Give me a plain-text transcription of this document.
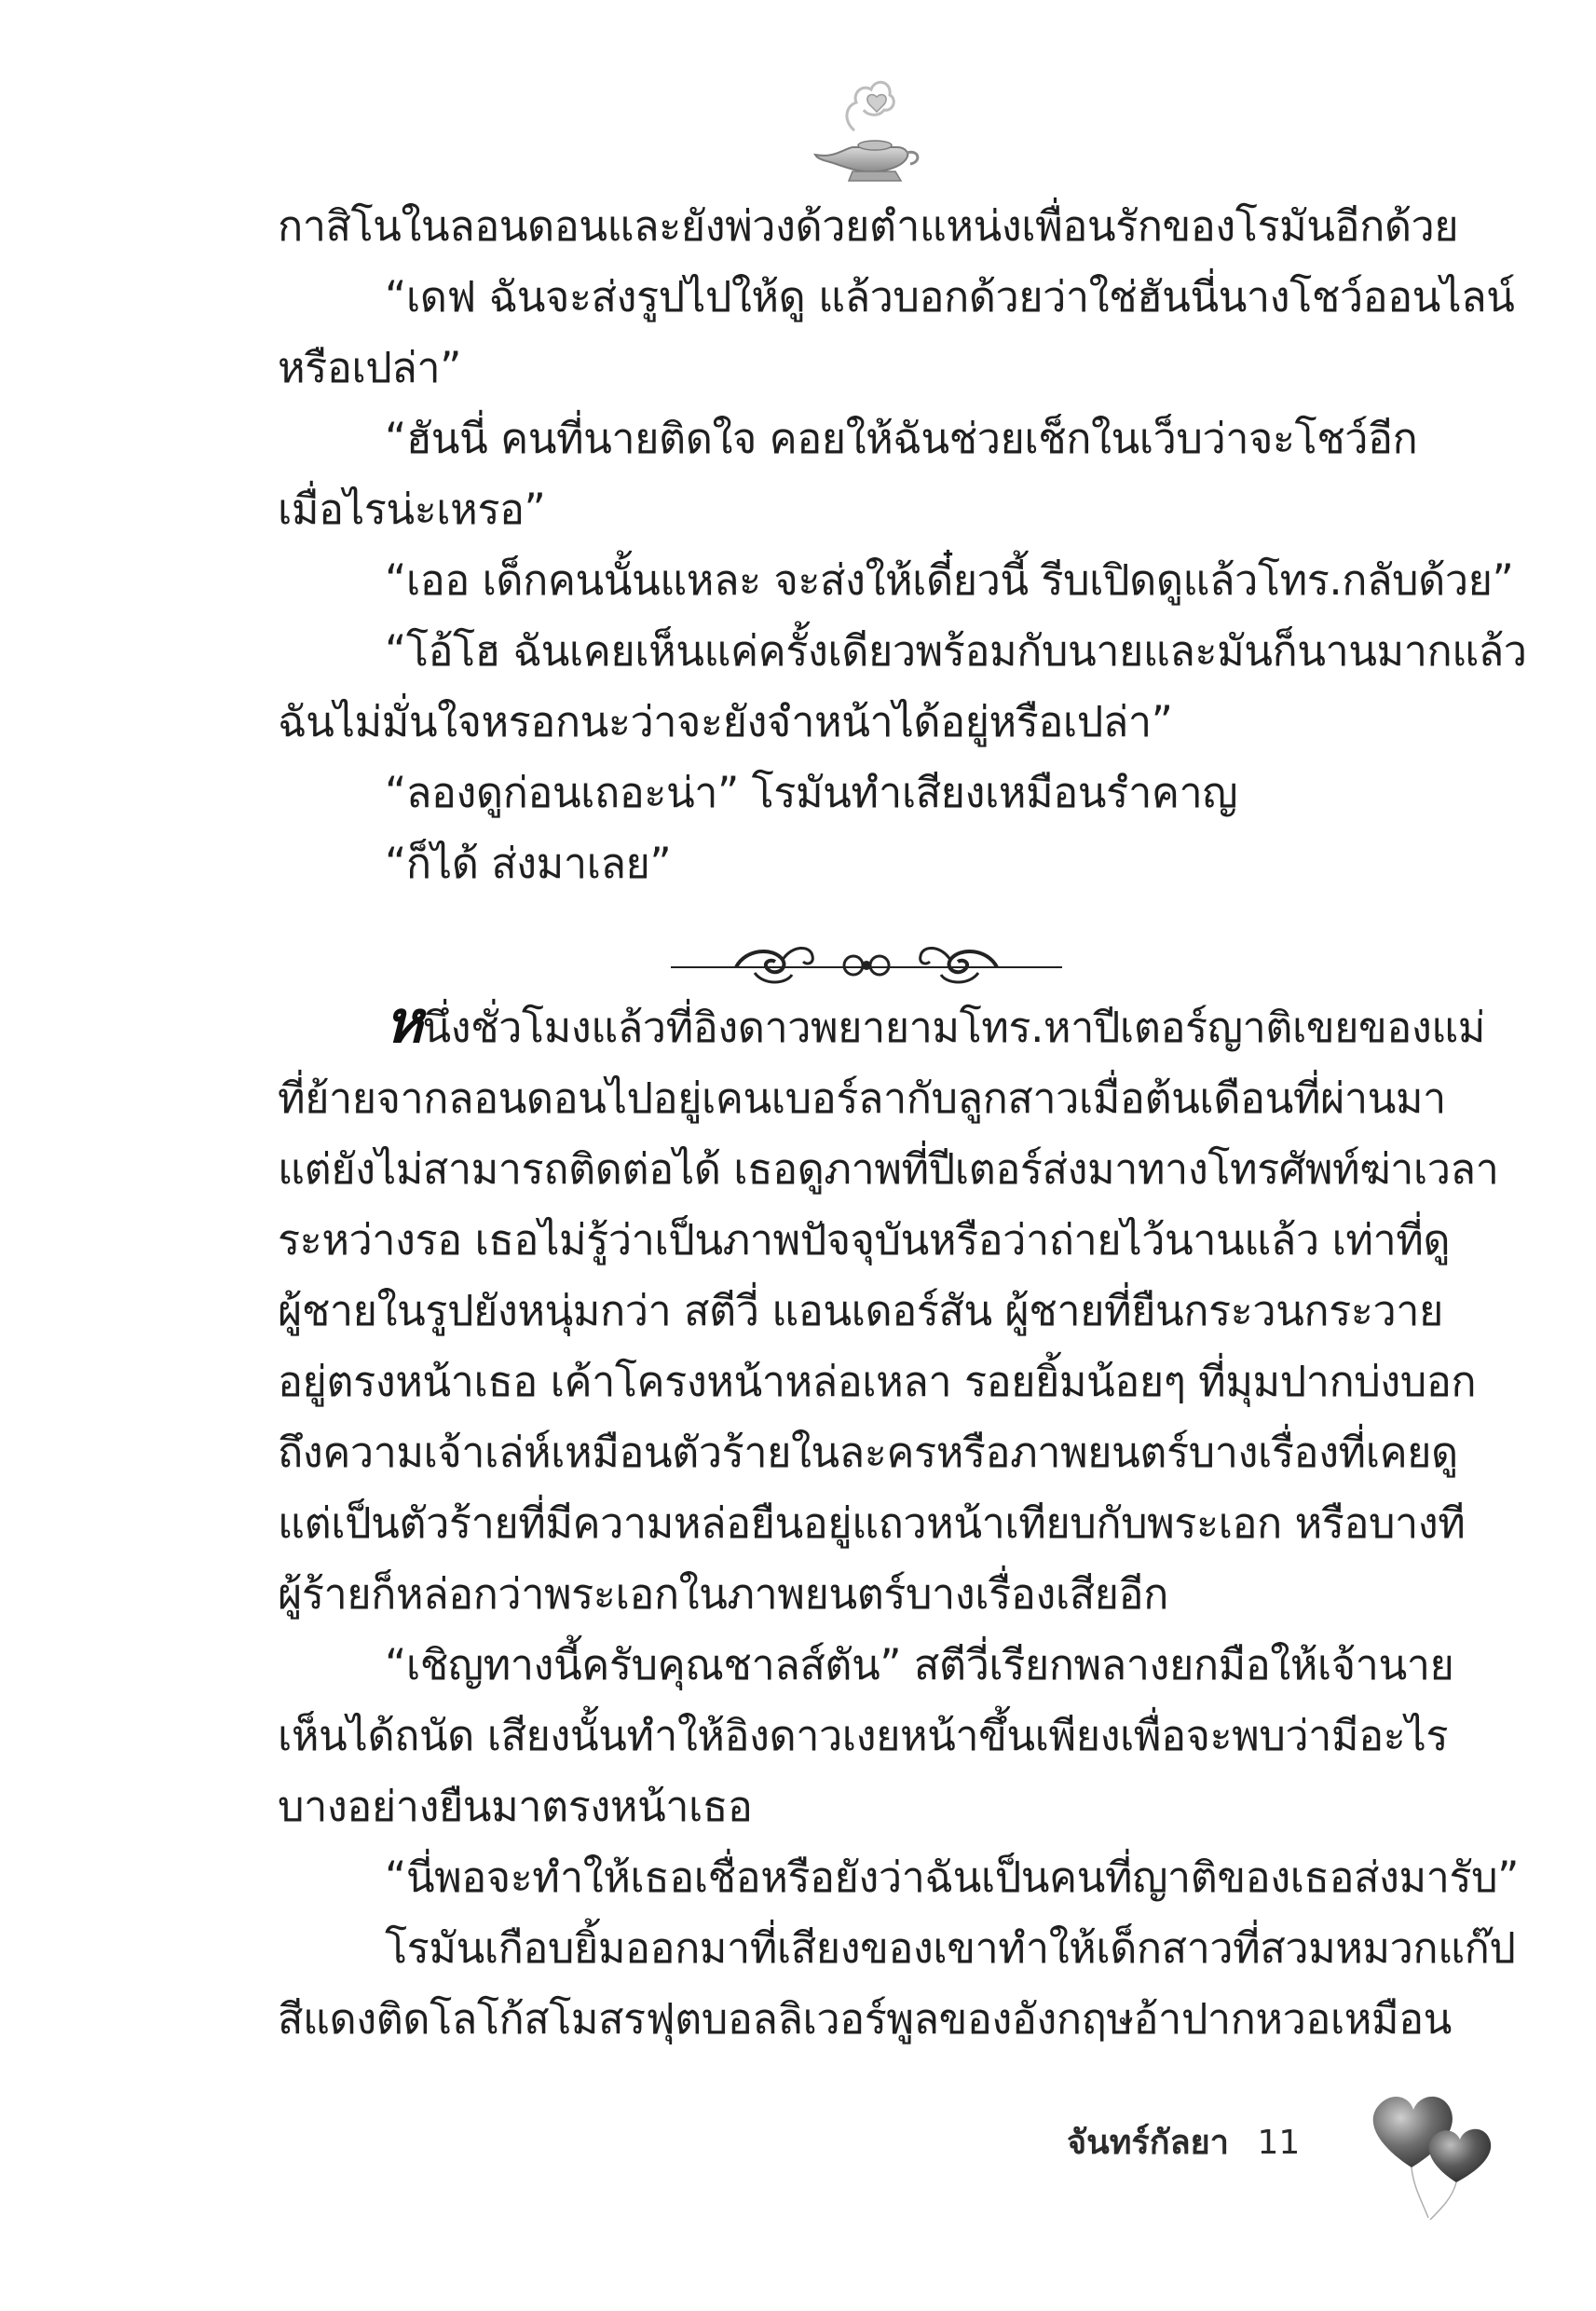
กาสิโนในลอนดอนและยังพ่วงด้วยตำแหน่งเพื่อนรักของโรมันอีกด้วย
“เดฟ ฉันจะส่งรูปไปให้ดู แล้วบอกด้วยว่าใช่ฮันนี่นางโชว์ออนไลน์
หรือเปล่า”
“ฮันนี่ คนที่นายติดใจ คอยให้ฉันช่วยเช็กในเว็บว่าจะโชว์อีก
เมื่อไรน่ะเหรอ”
“เออ เด็กคนนั้นแหละ จะส่งให้เดี๋ยวนี้ รีบเปิดดูแล้วโทร.กลับด้วย”
“โอ้โฮ ฉันเคยเห็นแค่ครั้งเดียวพร้อมกับนายและมันก็นานมากแล้ว
ฉันไม่มั่นใจหรอกนะว่าจะยังจำหน้าได้อยู่หรือเปล่า”
“ลองดูก่อนเถอะน่า” โรมันทำเสียงเหมือนรำคาญ
“ก็ได้ ส่งมาเลย”
หนึ่งชั่วโมงแล้วที่อิงดาวพยายามโทร.หาปีเตอร์ญาติเขยของแม่
ที่ย้ายจากลอนดอนไปอยู่เคนเบอร์ลากับลูกสาวเมื่อต้นเดือนที่ผ่านมา
แต่ยังไม่สามารถติดต่อได้ เธอดูภาพที่ปีเตอร์ส่งมาทางโทรศัพท์ฆ่าเวลา
ระหว่างรอ เธอไม่รู้ว่าเป็นภาพปัจจุบันหรือว่าถ่ายไว้นานแล้ว เท่าที่ดู
ผู้ชายในรูปยังหนุ่มกว่า สตีวี่ แอนเดอร์สัน ผู้ชายที่ยืนกระวนกระวาย
อยู่ตรงหน้าเธอ เค้าโครงหน้าหล่อเหลา รอยยิ้มน้อยๆ ที่มุมปากบ่งบอก
ถึงความเจ้าเล่ห์เหมือนตัวร้ายในละครหรือภาพยนตร์บางเรื่องที่เคยดู
แต่เป็นตัวร้ายที่มีความหล่อยืนอยู่แถวหน้าเทียบกับพระเอก หรือบางที
ผู้ร้ายก็หล่อกว่าพระเอกในภาพยนตร์บางเรื่องเสียอีก
“เชิญทางนี้ครับคุณชาลส์ตัน” สตีวี่เรียกพลางยกมือให้เจ้านาย
เห็นได้ถนัด เสียงนั้นทำให้อิงดาวเงยหน้าขึ้นเพียงเพื่อจะพบว่ามีอะไร
บางอย่างยืนมาตรงหน้าเธอ
“นี่พอจะทำให้เธอเชื่อหรือยังว่าฉันเป็นคนที่ญาติของเธอส่งมารับ”
โรมันเกือบยิ้มออกมาที่เสียงของเขาทำให้เด็กสาวที่สวมหมวกแก๊ป
สีแดงติดโลโก้สโมสรฟุตบอลลิเวอร์พูลของอังกฤษอ้าปากหวอเหมือน
จันทร์กัลยา 11
